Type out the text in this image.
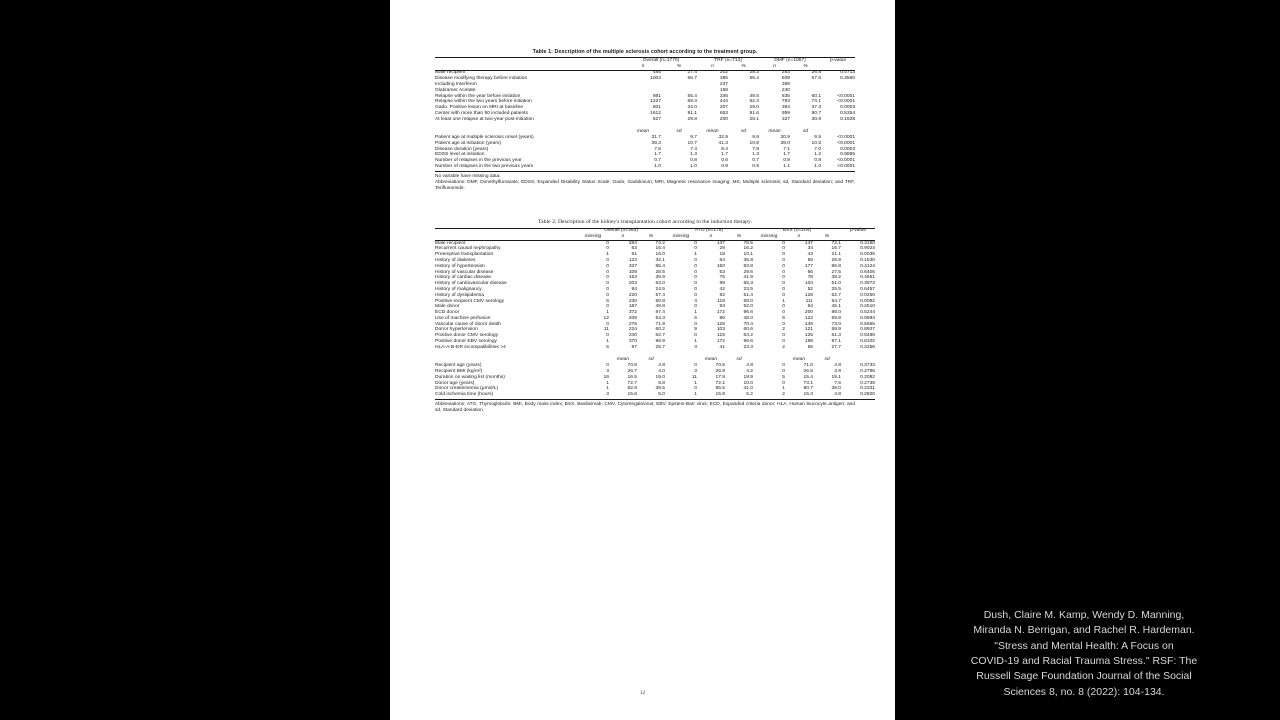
Table 1: Description of the multiple sclerosis cohort according to the treatment group.
	Overall (n=1770)		TRF (n=713)		DMF (n=1057)		p-value
	n	%	n	%	n	%	
Male recipient	485	27.4	202	28.3	283	26.8	0.4713
Disease modifying therapy before initiation	1004	56.7	395	55.4	609	57.6	0.3560
Including Interferon			237		369		
Glatiramer Acetate			158		240		
Relapse within the year before initiation	981	55.4	346	48.5	635	60.1	<0.0001
Relapse within the two years before initiation	1227	69.3	444	62.3	783	74.1	<0.0001
Gado. Positive lesion on MRI at baseline	601	34.0	207	29.0	394	37.3	0.0003
Center with more than 50 included patients	1612	91.1	653	91.6	959	90.7	0.5354
At least one relapse at two-year post-initiation	527	29.8	200	28.1	327	30.9	0.1928

	mean	sd	mean	sd	mean	sd	
Patient age at multiple sclerosis onset (years)	31.7	9.7	32.9	9.8	30.9	9.5	<0.0001
Patient age at initiation (years)	39.3	10.7	41.3	10.8	38.0	10.5	<0.0001
Disease duration (years)	7.6	7.4	8.4	7.8	7.1	7.0	0.0003
EDSS level at initiation	1.7	1.3	1.7	1.3	1.7	1.2	0.9885
Number of relapses in the previous year	0.7	0.8	0.6	0.7	0.8	0.8	<0.0001
Number of relapses in the two previous years	1.0	1.0	0.9	0.9	1.1	1.0	<0.0001

No variable have missing data.
Abbreviations: DMF, Dimethylfumarate; EDSS, Expanded Disability Status Scale; Gado, Gadolinium; MRI, Magnetic resonance imaging; MS, Multiple sclerosis; sd, Standard deviation; and TRF, Teriflunomide.
Table 2: Description of the kidney's transplantation cohort according to the induction therapy.
	Overall (n=383)			ATG (n=179)			BSX (n=204)			p-value
	missing	n	%	missing	n	%	missing	n	%	
Male recipient	0	284	74.2	0	137	76.5	0	147	72.1	0.3180
Recurrent causal nephropathy	0	63	16.4	0	29	16.2	0	34	16.7	0.9024
Preemptive transplantation	1	61	16.0	1	18	10.1	0	43	21.1	0.0035
History of diabetes	0	123	32.1	0	64	35.8	0	59	28.9	0.1530
History of hypertension	0	327	85.4	0	150	83.8	0	177	86.8	0.4124
History of vascular disease	0	109	28.5	0	53	29.6	0	56	27.5	0.6405
History of cardiac disease	0	153	39.9	0	75	41.9	0	78	38.2	0.4651
History of cardiovascular disease	0	203	53.0	0	99	55.3	0	104	51.0	0.3973
History of malignancy	0	94	24.5	0	42	23.5	0	52	25.5	0.6457
History of dyslipidemia	0	220	57.4	0	92	51.4	0	128	62.7	0.0250
Positive recipient CMV serology	5	230	60.8	4	119	68.0	1	111	54.7	0.0082
Male donor	0	187	48.8	0	93	52.0	0	94	46.1	0.2510
ECD donor	1	372	97.4	1	172	96.6	0	200	98.0	0.5244
Use of machine perfusion	12	208	54.3	6	86	48.0	6	122	59.8	0.0684
Vascular cause of donor death	0	275	71.8	0	126	70.4	0	149	73.0	0.5655
Donor hypertension	11	224	60.2	9	103	60.6	2	121	59.9	0.8927
Positive donor CMV serology	0	240	62.7	0	115	64.2	0	125	61.3	0.5486
Positive donor EBV serology	1	370	96.9	1	172	96.6	0	198	97.1	0.8102
HLA-A-B-DR incompatibilities >4	5	97	25.7	3	41	23.3	2	56	27.7	0.3256

		mean	sd		mean	sd		mean	sd	
Recipient age (years)	0	70.8	4.8	0	70.5	4.8	0	71.0	4.8	0.3733
Recipient BMI (kg/m²)	3	26.7	4.0	3	26.9	4.2	0	26.5	3.9	0.2796
Duration on waiting list (months)	16	16.5	19.0	11	17.9	18.9	5	15.4	19.1	0.2082
Donor age (years)	1	72.7	8.8	1	72.1	10.0	0	73.1	7.5	0.2739
Donor creatininemia (μmol/L)	1	82.9	39.5	0	85.5	41.0	1	80.7	38.0	0.2331
Cold ischemia time (hours)	3	15.6	5.0	1	15.9	5.2	2	15.3	4.8	0.2820

Abbreviations: ATG, Thymoglobulin; BMI, Body mass index; BSX, Basiliximab; CMV, Cytomegalovirus; EBV, Epstein-Barr virus; ECD, Expanded criteria donor; HLA, Human leucocyte antigen; and sd, Standard deviation.
12
Dush, Claire M. Kamp, Wendy D. Manning,
Miranda N. Berrigan, and Rachel R. Hardeman.
"Stress and Mental Health: A Focus on
COVID-19 and Racial Trauma Stress." RSF: The
Russell Sage Foundation Journal of the Social
Sciences 8, no. 8 (2022): 104-134.
